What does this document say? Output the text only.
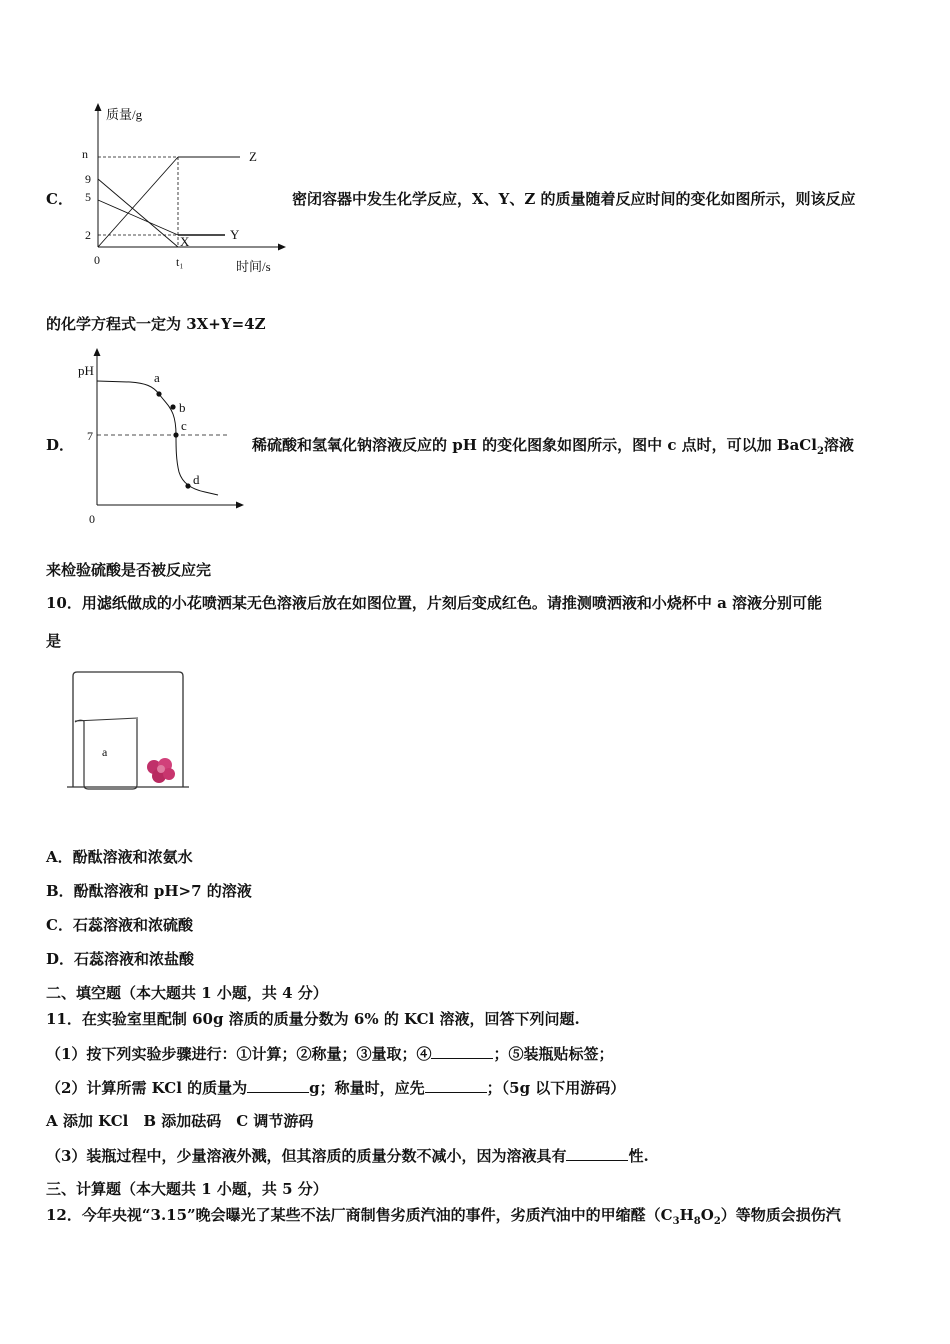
质量/g
时间/s
0
n
9
5
2
t₁
Z
Y
X
C．	密闭容器中发生化学反应，X、Y、Z 的质量随着反应时间的变化如图所示，则该反应
的化学方程式一定为 3X+Y=4Z
pH
0
7
a
b
c
d
D．	稀硫酸和氢氧化钠溶液反应的 pH 的变化图象如图所示，图中 c 点时，可以加 BaCl$_2$溶液
来检验硫酸是否被反应完
10．用滤纸做成的小花喷洒某无色溶液后放在如图位置，片刻后变成红色。请推测喷洒液和小烧杯中 a 溶液分别可能
是
a
A．酚酞溶液和浓氨水
B．酚酞溶液和 pH>7 的溶液
C．石蕊溶液和浓硫酸
D．石蕊溶液和浓盐酸
二、填空题（本大题共 1 小题，共 4 分）
11．在实验室里配制 60g 溶质的质量分数为 6% 的 KCl 溶液，回答下列问题.
（1）按下列实验步骤进行：①计算；②称量；③量取；④	；⑤装瓶贴标签；
（2）计算所需 KCl 的质量为	g；称量时，应先	；（5g 以下用游码）
A 添加 KCl　B 添加砝码　C 调节游码
（3）装瓶过程中，少量溶液外溅，但其溶质的质量分数不减小，因为溶液具有	性.
三、计算题（本大题共 1 小题，共 5 分）
12．今年央视“3.15”晚会曝光了某些不法厂商制售劣质汽油的事件，劣质汽油中的甲缩醛$(C_3H_8O_2)$等物质会损伤汽
